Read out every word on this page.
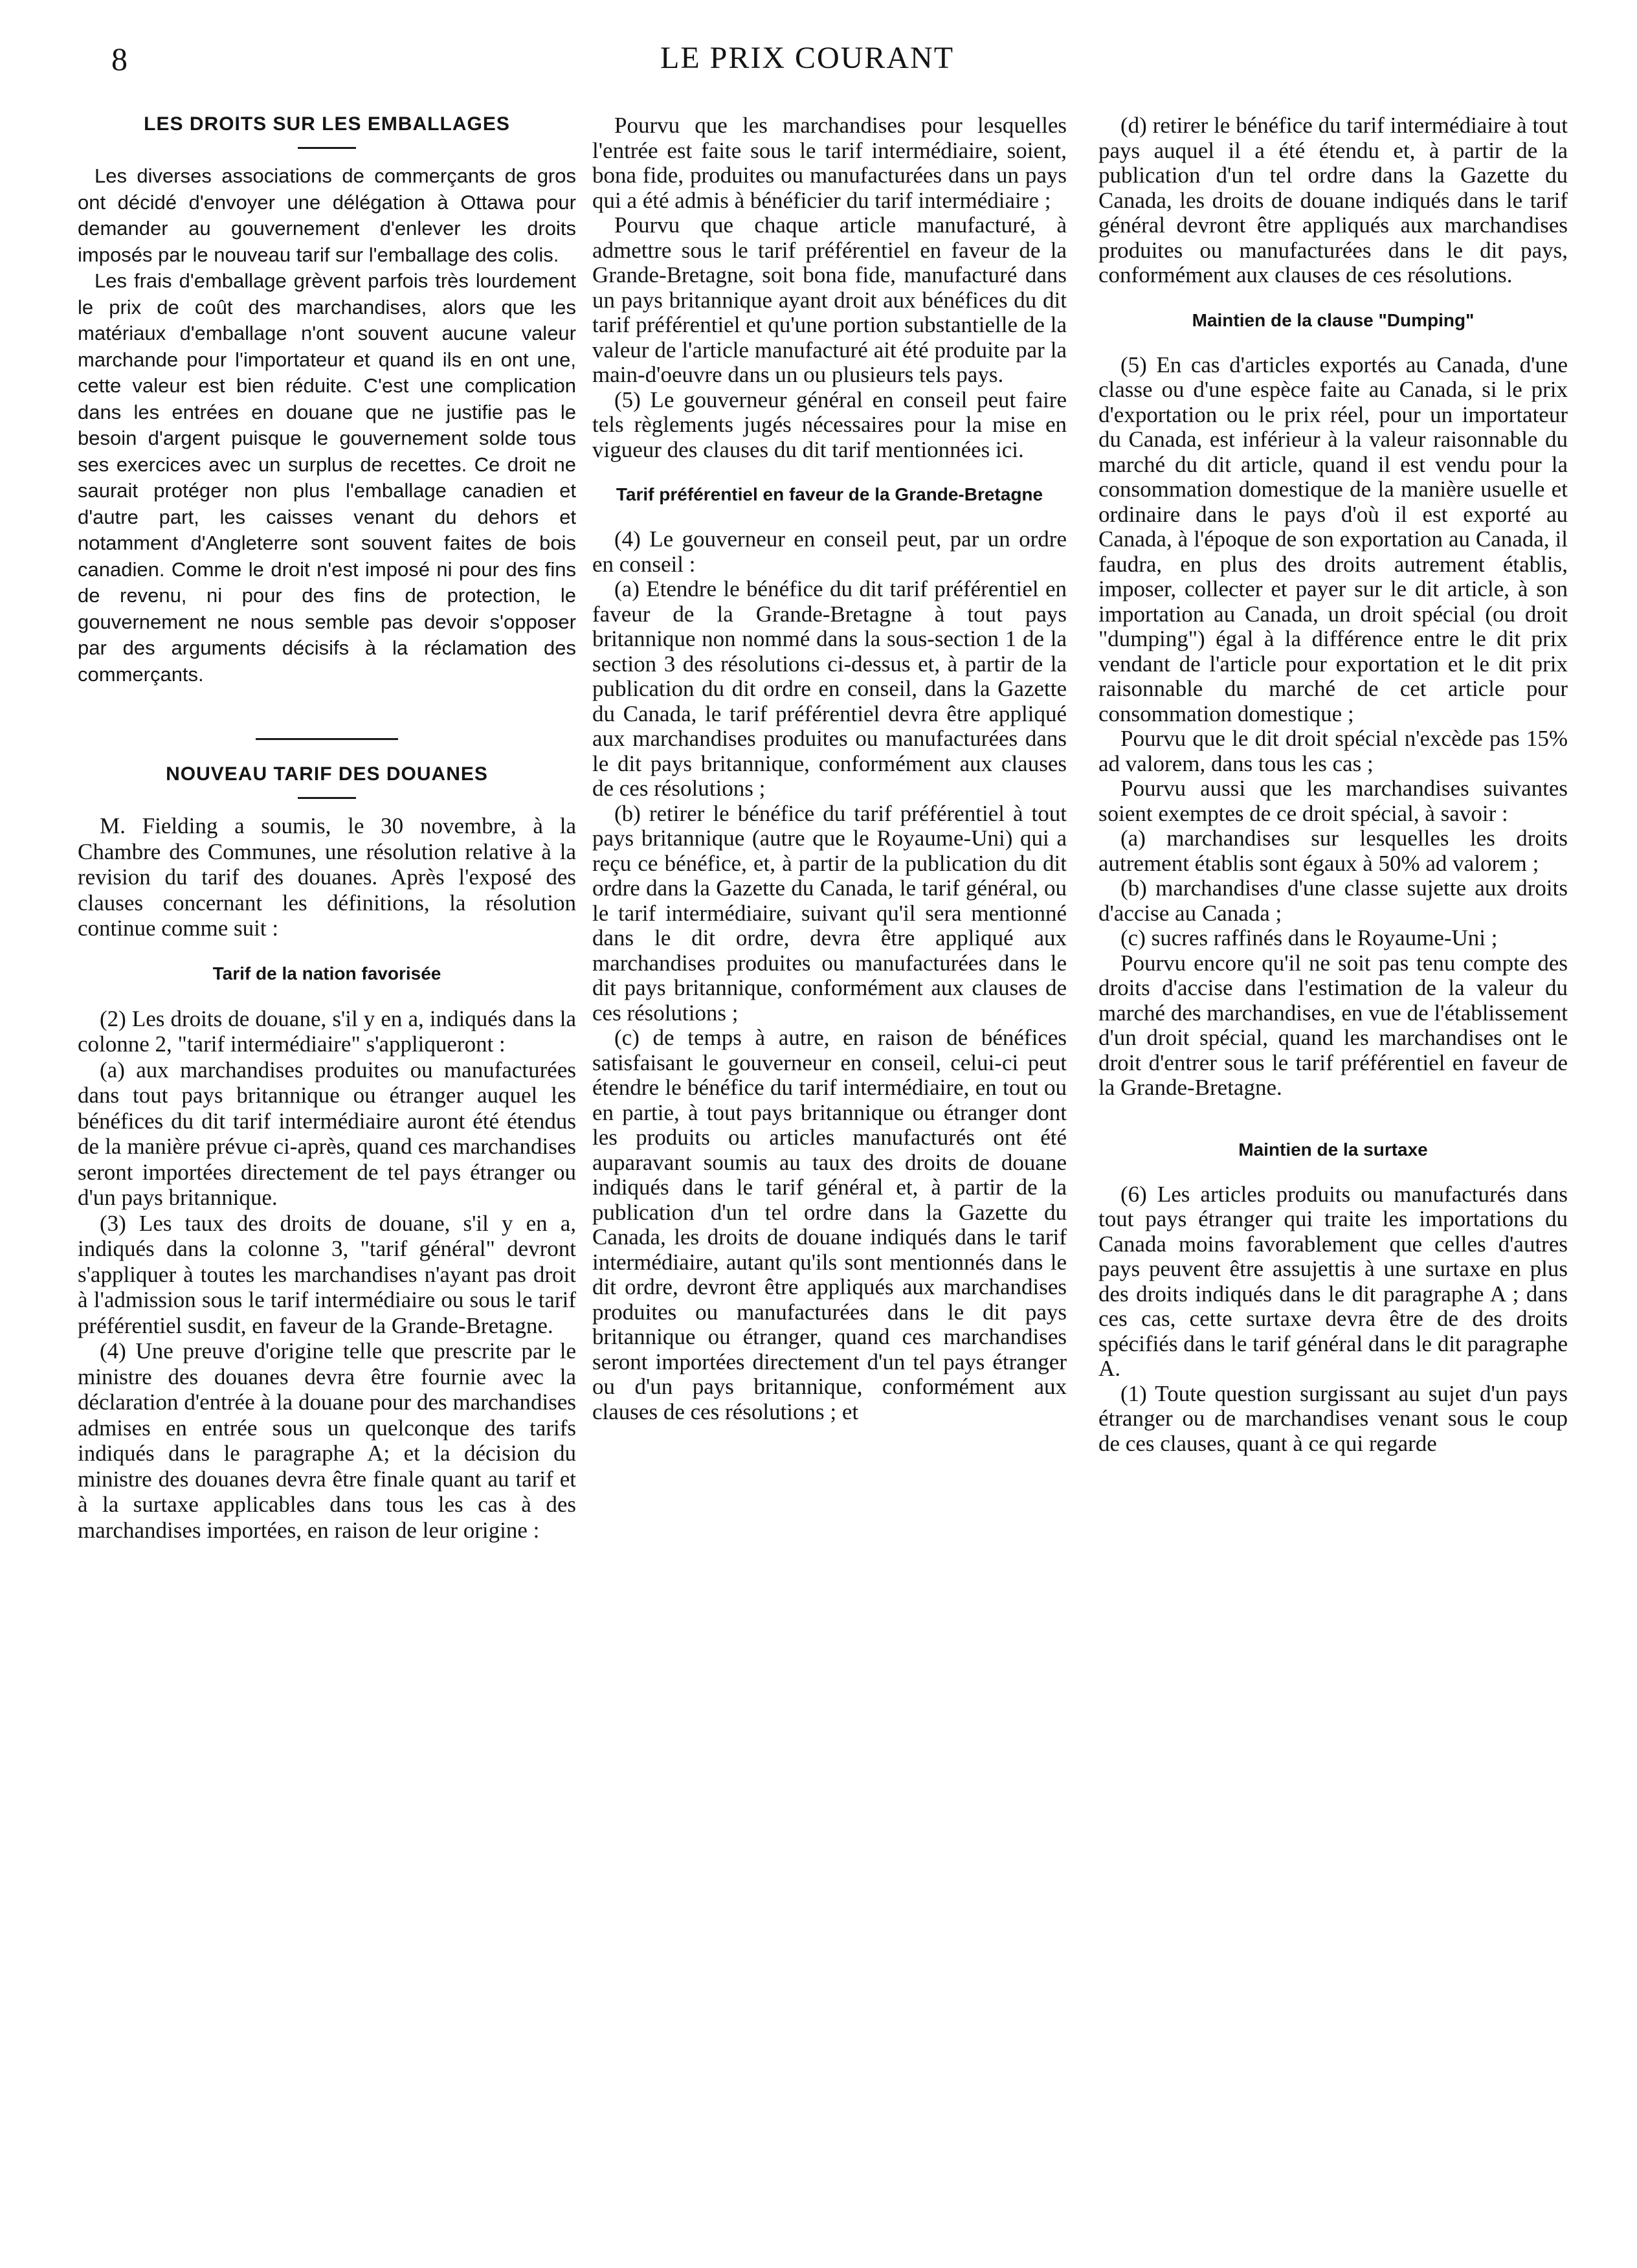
8	LE PRIX COURANT
LES DROITS SUR LES EMBALLAGES

Les diverses associations de commerçants de gros ont décidé d'envoyer une délégation à Ottawa pour demander au gouvernement d'enlever les droits imposés par le nouveau tarif sur l'emballage des colis.

Les frais d'emballage grèvent parfois très lourdement le prix de coût des marchandises, alors que les matériaux d'emballage n'ont souvent aucune valeur marchande pour l'importateur et quand ils en ont une, cette valeur est bien réduite. C'est une complication dans les entrées en douane que ne justifie pas le besoin d'argent puisque le gouvernement solde tous ses exercices avec un surplus de recettes. Ce droit ne saurait protéger non plus l'emballage canadien et d'autre part, les caisses venant du dehors et notamment d'Angleterre sont souvent faites de bois canadien. Comme le droit n'est imposé ni pour des fins de revenu, ni pour des fins de protection, le gouvernement ne nous semble pas devoir s'opposer par des arguments décisifs à la réclamation des commerçants.

NOUVEAU TARIF DES DOUANES

M. Fielding a soumis, le 30 novembre, à la Chambre des Communes, une résolution relative à la revision du tarif des douanes. Après l'exposé des clauses concernant les définitions, la résolution continue comme suit :

Tarif de la nation favorisée

(2) Les droits de douane, s'il y en a, indiqués dans la colonne 2, "tarif intermédiaire" s'appliqueront :

(a) aux marchandises produites ou manufacturées dans tout pays britannique ou étranger auquel les bénéfices du dit tarif intermédiaire auront été étendus de la manière prévue ci-après, quand ces marchandises seront importées directement de tel pays étranger ou d'un pays britannique.

(3) Les taux des droits de douane, s'il y en a, indiqués dans la colonne 3, "tarif général" devront s'appliquer à toutes les marchandises n'ayant pas droit à l'admission sous le tarif intermédiaire ou sous le tarif préférentiel susdit, en faveur de la Grande-Bretagne.

(4) Une preuve d'origine telle que prescrite par le ministre des douanes devra être fournie avec la déclaration d'entrée à la douane pour des marchandises admises en entrée sous un quelconque des tarifs indiqués dans le paragraphe A; et la décision du ministre des douanes devra être finale quant au tarif et à la surtaxe applicables dans tous les cas à des marchandises importées, en raison de leur origine :

Pourvu que les marchandises pour lesquelles l'entrée est faite sous le tarif intermédiaire, soient, bona fide, produites ou manufacturées dans un pays qui a été admis à bénéficier du tarif intermédiaire ;

Pourvu que chaque article manufacturé, à admettre sous le tarif préférentiel en faveur de la Grande-Bretagne, soit bona fide, manufacturé dans un pays britannique ayant droit aux bénéfices du dit tarif préférentiel et qu'une portion substantielle de la valeur de l'article manufacturé ait été produite par la main-d'oeuvre dans un ou plusieurs tels pays.

(5) Le gouverneur général en conseil peut faire tels règlements jugés nécessaires pour la mise en vigueur des clauses du dit tarif mentionnées ici.

Tarif préférentiel en faveur de la Grande-Bretagne

(4) Le gouverneur en conseil peut, par un ordre en conseil :

(a) Etendre le bénéfice du dit tarif préférentiel en faveur de la Grande-Bretagne à tout pays britannique non nommé dans la sous-section 1 de la section 3 des résolutions ci-dessus et, à partir de la publication du dit ordre en conseil, dans la Gazette du Canada, le tarif préférentiel devra être appliqué aux marchandises produites ou manufacturées dans le dit pays britannique, conformément aux clauses de ces résolutions ;

(b) retirer le bénéfice du tarif préférentiel à tout pays britannique (autre que le Royaume-Uni) qui a reçu ce bénéfice, et, à partir de la publication du dit ordre dans la Gazette du Canada, le tarif général, ou le tarif intermédiaire, suivant qu'il sera mentionné dans le dit ordre, devra être appliqué aux marchandises produites ou manufacturées dans le dit pays britannique, conformément aux clauses de ces résolutions ;

(c) de temps à autre, en raison de bénéfices satisfaisant le gouverneur en conseil, celui-ci peut étendre le bénéfice du tarif intermédiaire, en tout ou en partie, à tout pays britannique ou étranger dont les produits ou articles manufacturés ont été auparavant soumis au taux des droits de douane indiqués dans le tarif général et, à partir de la publication d'un tel ordre dans la Gazette du Canada, les droits de douane indiqués dans le tarif intermédiaire, autant qu'ils sont mentionnés dans le dit ordre, devront être appliqués aux marchandises produites ou manufacturées dans le dit pays britannique ou étranger, quand ces marchandises seront importées directement d'un tel pays étranger ou d'un pays britannique, conformément aux clauses de ces résolutions ; et

(d) retirer le bénéfice du tarif intermédiaire à tout pays auquel il a été étendu et, à partir de la publication d'un tel ordre dans la Gazette du Canada, les droits de douane indiqués dans le tarif général devront être appliqués aux marchandises produites ou manufacturées dans le dit pays, conformément aux clauses de ces résolutions.

Maintien de la clause "Dumping"

(5) En cas d'articles exportés au Canada, d'une classe ou d'une espèce faite au Canada, si le prix d'exportation ou le prix réel, pour un importateur du Canada, est inférieur à la valeur raisonnable du marché du dit article, quand il est vendu pour la consommation domestique de la manière usuelle et ordinaire dans le pays d'où il est exporté au Canada, à l'époque de son exportation au Canada, il faudra, en plus des droits autrement établis, imposer, collecter et payer sur le dit article, à son importation au Canada, un droit spécial (ou droit "dumping") égal à la différence entre le dit prix vendant de l'article pour exportation et le dit prix raisonnable du marché de cet article pour consommation domestique ;

Pourvu que le dit droit spécial n'excède pas 15% ad valorem, dans tous les cas ;

Pourvu aussi que les marchandises suivantes soient exemptes de ce droit spécial, à savoir :

(a) marchandises sur lesquelles les droits autrement établis sont égaux à 50% ad valorem ;

(b) marchandises d'une classe sujette aux droits d'accise au Canada ;

(c) sucres raffinés dans le Royaume-Uni ;

Pourvu encore qu'il ne soit pas tenu compte des droits d'accise dans l'estimation de la valeur du marché des marchandises, en vue de l'établissement d'un droit spécial, quand les marchandises ont le droit d'entrer sous le tarif préférentiel en faveur de la Grande-Bretagne.

Maintien de la surtaxe

(6) Les articles produits ou manufacturés dans tout pays étranger qui traite les importations du Canada moins favorablement que celles d'autres pays peuvent être assujettis à une surtaxe en plus des droits indiqués dans le dit paragraphe A ; dans ces cas, cette surtaxe devra être de des droits spécifiés dans le tarif général dans le dit paragraphe A.

(1) Toute question surgissant au sujet d'un pays étranger ou de marchandises venant sous le coup de ces clauses, quant à ce qui regarde
